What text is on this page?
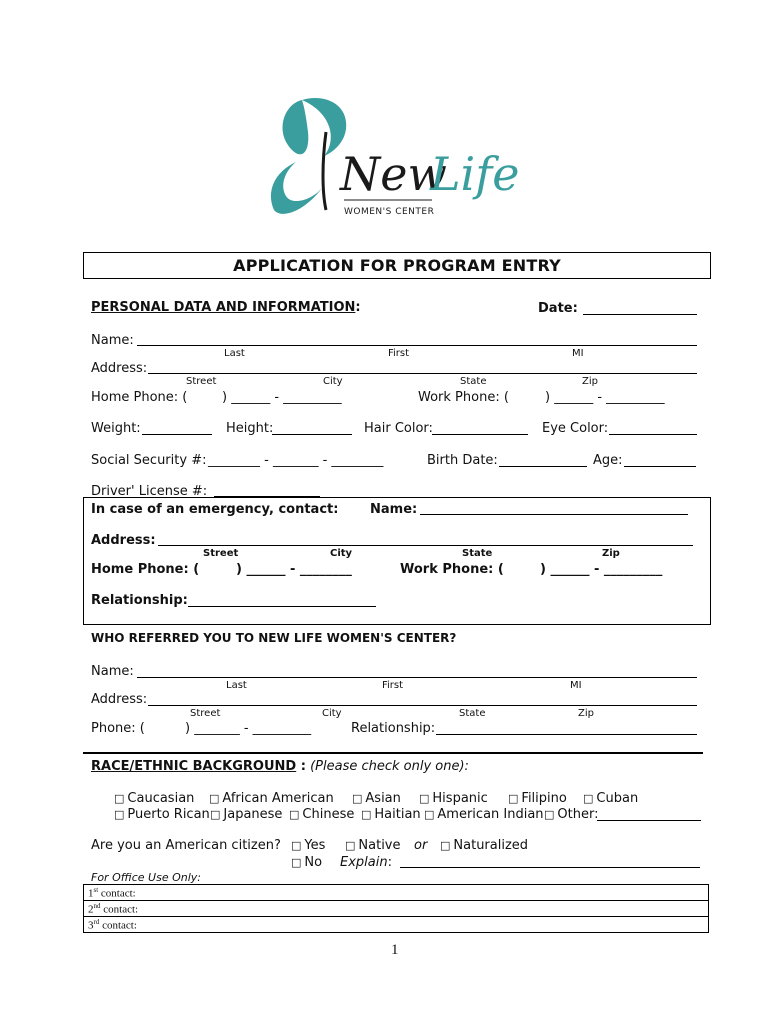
New
Life
WOMEN'S CENTER
APPLICATION FOR PROGRAM ENTRY
PERSONAL DATA AND INFORMATION:	Date:
Name:
Last	First	MI
Address:
Street	City	State	Zip
Home Phone: (	) ______ - _________	Work Phone: (	) ______ - _________
Weight:	Height:	Hair Color:	Eye Color:
Social Security #: ________ - _______ - ________	Birth Date:	Age:
Driver' License #:
In case of an emergency, contact: Name:
Address:
Street	City	State	Zip
Home Phone: (	) ______ - ________	Work Phone: (	) ______ - _________
Relationship:
WHO REFERRED YOU TO NEW LIFE WOMEN'S CENTER?
Name:
Last	First	MI
Address:
Street	City	State	Zip
Phone: (	) _______ - _________	Relationship:
RACE/ETHNIC BACKGROUND : (Please check only one):
□ Caucasian □ African American □ Asian □ Hispanic □ Filipino □ Cuban
□ Puerto Rican □ Japanese □ Chinese □ Haitian □ American Indian □ Other:
Are you an American citizen? □ Yes □ Native or □ Naturalized
□ No Explain:
For Office Use Only:
1st contact:
2nd contact:
3rd contact:
1
